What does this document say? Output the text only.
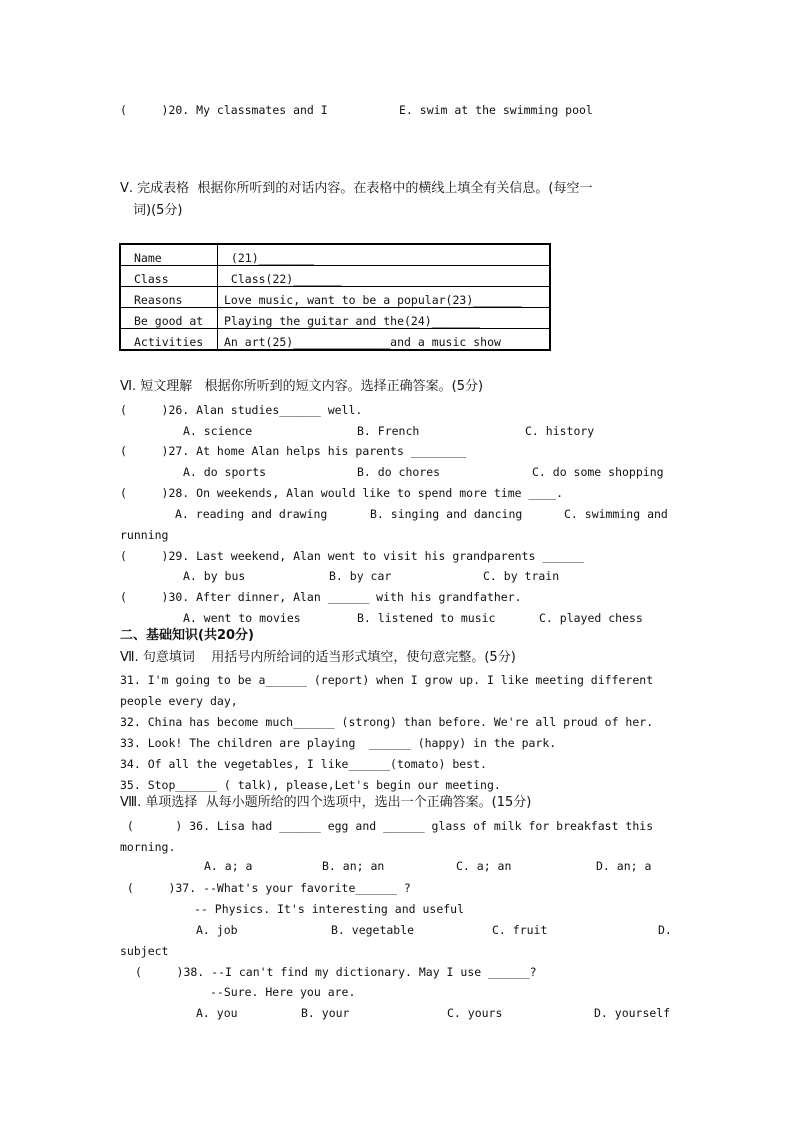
(     )20. My classmates and I	E. swim at the swimming pool
Ⅴ. 完成表格  根据你所听到的对话内容。在表格中的横线上填全有关信息。(每空一
词)(5分)
Name	(21)________
Class	Class(22)_______
Reasons	Love music, want to be a popular(23)_______
Be good at	Playing the guitar and the(24)_______
Activities	An art(25)______________and a music show
Ⅵ. 短文理解   根据你所听到的短文内容。选择正确答案。(5分)
(     )26. Alan studies______ well.
A. science	B. French	C. history
(     )27. At home Alan helps his parents ________
A. do sports	B. do chores	C. do some shopping
(     )28. On weekends, Alan would like to spend more time ____.
A. reading and drawing	B. singing and dancing	C. swimming and
running
(     )29. Last weekend, Alan went to visit his grandparents ______
A. by bus	B. by car	C. by train
(     )30. After dinner, Alan ______ with his grandfather.
A. went to movies	B. listened to music	C. played chess
二、基础知识(共20分)
Ⅶ. 句意填词    用括号内所给词的适当形式填空，使句意完整。(5分)
31. I'm going to be a______ (report) when I grow up. I like meeting different
people every day,
32. China has become much______ (strong) than before. We're all proud of her.
33. Look! The children are playing  ______ (happy) in the park.
34. Of all the vegetables, I like______(tomato) best.
35. Stop______ ( talk), please,Let's begin our meeting.
Ⅷ. 单项选择  从每小题所给的四个选项中，选出一个正确答案。(15分)
(      ) 36. Lisa had ______ egg and ______ glass of milk for breakfast this
morning.
A. a; a	B. an; an	C. a; an	D. an; a
(     )37. --What's your favorite______ ?
-- Physics. It's interesting and useful
A. job	B. vegetable	C. fruit	D.
subject
(     )38. --I can't find my dictionary. May I use ______?
--Sure. Here you are.
A. you	B. your	C. yours	D. yourself
